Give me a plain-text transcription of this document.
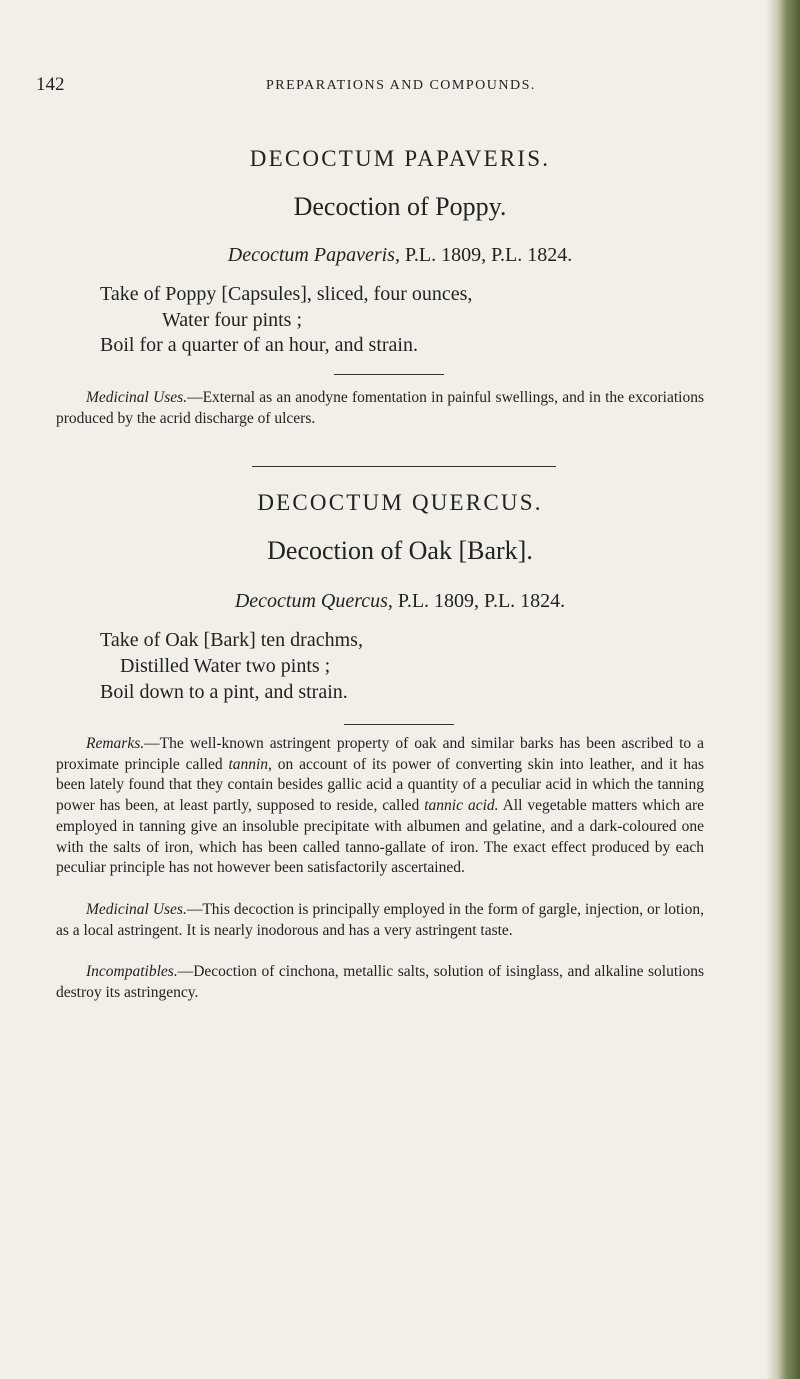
142	PREPARATIONS AND COMPOUNDS.
DECOCTUM PAPAVERIS.
Decoction of Poppy.
Decoctum Papaveris, P.L. 1809, P.L. 1824.
Take of Poppy [Capsules], sliced, four ounces,
Water four pints ;
Boil for a quarter of an hour, and strain.
Medicinal Uses.—External as an anodyne fomentation in painful swellings, and in the excoriations produced by the acrid discharge of ulcers.
DECOCTUM QUERCUS.
Decoction of Oak [Bark].
Decoctum Quercus, P.L. 1809, P.L. 1824.
Take of Oak [Bark] ten drachms,
Distilled Water two pints ;
Boil down to a pint, and strain.
Remarks.—The well-known astringent property of oak and similar barks has been ascribed to a proximate principle called tannin, on account of its power of converting skin into leather, and it has been lately found that they contain besides gallic acid a quantity of a peculiar acid in which the tanning power has been, at least partly, supposed to reside, called tannic acid. All vegetable matters which are employed in tanning give an insoluble precipitate with albumen and gelatine, and a dark-coloured one with the salts of iron, which has been called tanno-gallate of iron. The exact effect produced by each peculiar principle has not however been satisfactorily ascertained.
Medicinal Uses.—This decoction is principally employed in the form of gargle, injection, or lotion, as a local astringent. It is nearly inodorous and has a very astringent taste.
Incompatibles.—Decoction of cinchona, metallic salts, solution of isinglass, and alkaline solutions destroy its astringency.
